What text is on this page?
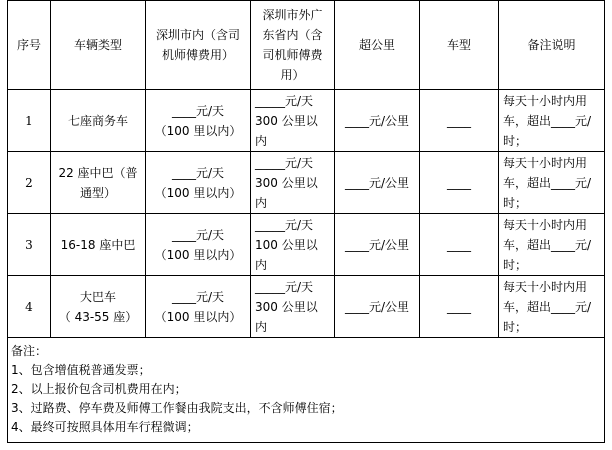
序号	车辆类型	深圳市内（含司
机师傅费用）	深圳市外广
东省内（含
司机师傅费
用）	超公里	车型	备注说明
1	七座商务车	____元/天
（100 里以内）	_____元/天
300 公里以
内	____元/公里	____	每天十小时内用
车，超出____元/
时；

2	22 座中巴（普
通型）	____元/天
（100 里以内）	_____元/天
300 公里以
内	____元/公里	____	每天十小时内用
车，超出____元/
时；

3	16-18 座中巴	____元/天
（100 里以内）	_____元/天
100 公里以
内	____元/公里	____	每天十小时内用
车，超出____元/
时；

4	大巴车
（ 43-55 座）	____元/天
（100 里以内）	_____元/天
300 公里以
内	____元/公里	____	每天十小时内用
车，超出____元/
时；

备注：
1、包含增值税普通发票；
2、以上报价包含司机费用在内；
3、过路费、停车费及师傅工作餐由我院支出，不含师傅住宿；
4、最终可按照具体用车行程微调；						
